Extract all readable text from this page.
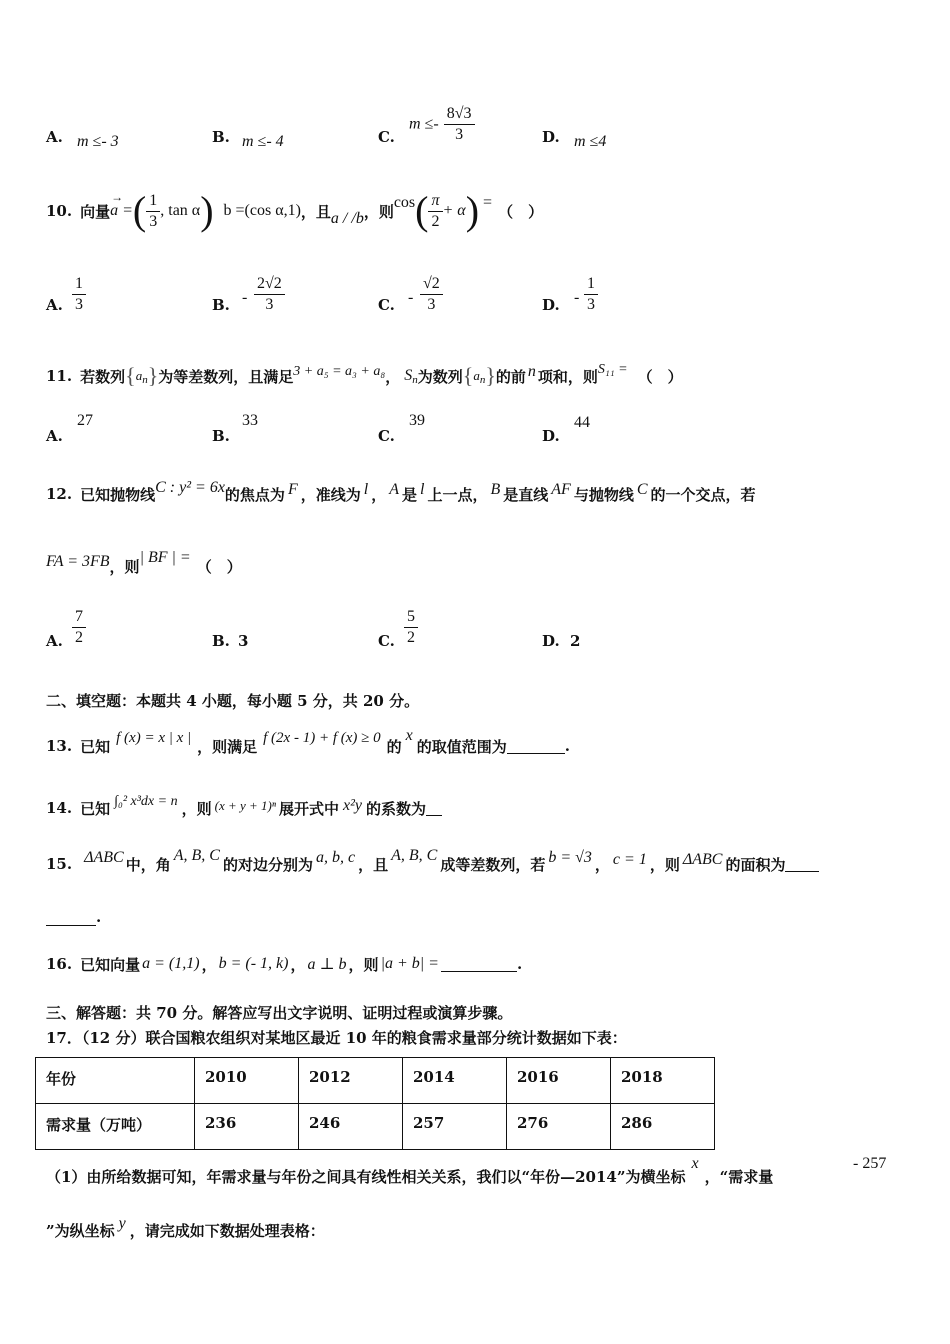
A. m ≤- 3	B. m ≤- 4	C.
$m \le- \frac{8√3}{3}$	D. m ≤4
10. 向量
→
a = ( $\frac{1}{3}$ , tan α ) b =(cos α,1) ，且 a / /b ，则 cos ( $\frac{\pi}{2} + \alpha$ ) = （　）
A. $\frac{1}{3}$	B. - $\frac{2√2}{3}$	C. - $\frac{√2}{3}$	D. - $\frac{1}{3}$
11. 若数列 { a n } 为等差数列，且满足 3 + a₅ = a₃ + a₈ ， S n 为数列 { a n } 的前 n 项和，则 S₁₁ = （　）
A.
27
B.
33
C.
39
D.
44
12. 已知抛物线 C : y² = 6x 的焦点为 F ，准线为 l ， A 是 l 上一点， B 是直线 AF 与抛物线 C 的一个交点，若
FA = 3FB ，则 | BF | = （　）
A. $\frac{7}{2}$	B. 3	C. $\frac{5}{2}$	D. 2
二、填空题：本题共 4 小题，每小题 5 分，共 20 分。
13. 已知 f (x) = x | x | ，则满足 f (2x - 1) + f (x) ≥ 0 的
x
的取值范围为	.
14. 已知 ∫₀² x³dx = n ，则 (x + y + 1)ⁿ 展开式中 x²y 的系数为
15. ΔABC 中，角 A, B, C 的对边分别为 a, b, c ，且 A, B, C 成等差数列，若 b = √3 ， c = 1 ，则 ΔABC 的面积为
.
16. 已知向量 a = (1,1) ， b = (- 1, k) ， a ⊥ b ，则 |a + b| =	.
三、解答题：共 70 分。解答应写出文字说明、证明过程或演算步骤。
17．（12 分）联合国粮农组织对某地区最近 10 年的粮食需求量部分统计数据如下表：
年份	2010	2012	2014	2016	2018
需求量（万吨）	236	246	257	276	286
（1）由所给数据可知，年需求量与年份之间具有线性相关关系，我们以“年份—2014”为横坐标
x
，“需求量
- 257
”为纵坐标 y ，请完成如下数据处理表格：
